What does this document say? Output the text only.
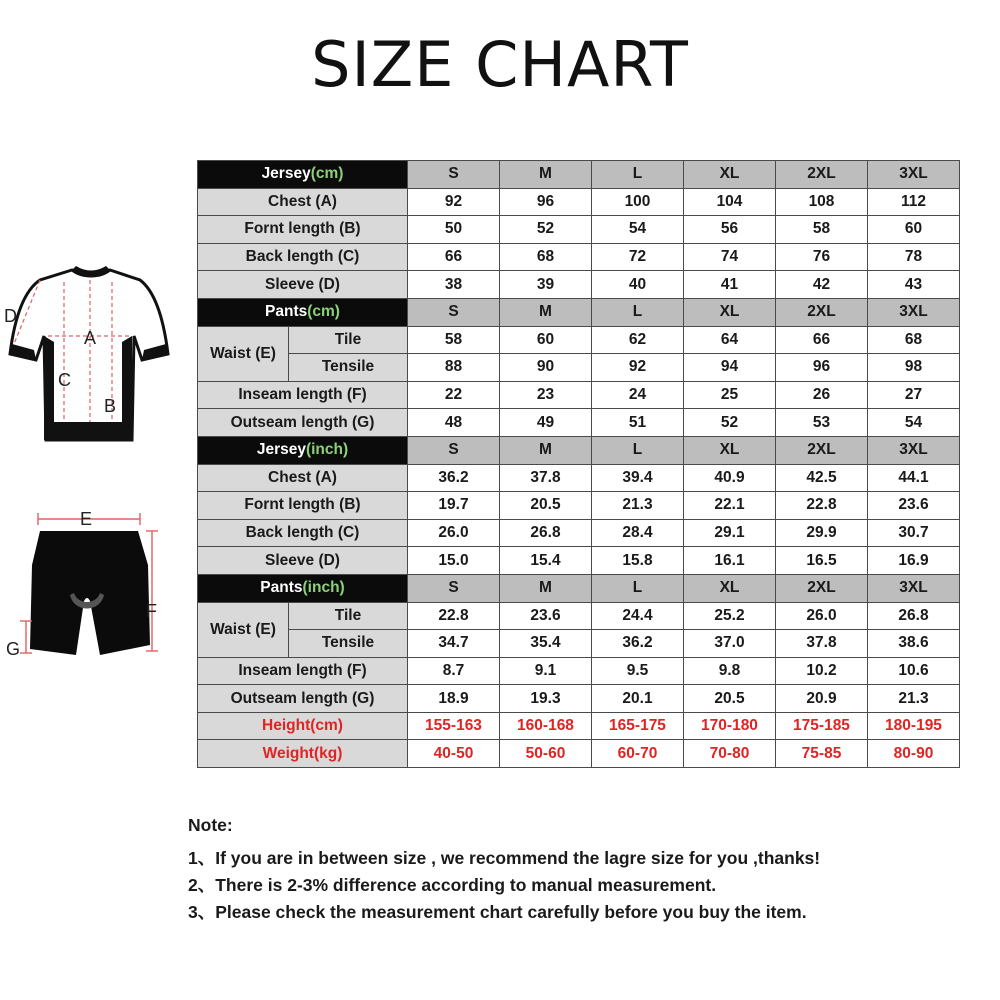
SIZE CHART
A
B
C
D
E
F
G
Jersey(cm)		S	M	L	XL	2XL	3XL
Chest (A)		92	96	100	104	108	112
Fornt length (B)		50	52	54	56	58	60
Back length (C)		66	68	72	74	76	78
Sleeve (D)		38	39	40	41	42	43
Pants(cm)		S	M	L	XL	2XL	3XL
Waist (E)	Tile	58	60	62	64	66	68
	Tensile	88	90	92	94	96	98
Inseam length (F)		22	23	24	25	26	27
Outseam length (G)		48	49	51	52	53	54
Jersey(inch)		S	M	L	XL	2XL	3XL
Chest (A)		36.2	37.8	39.4	40.9	42.5	44.1
Fornt length (B)		19.7	20.5	21.3	22.1	22.8	23.6
Back length (C)		26.0	26.8	28.4	29.1	29.9	30.7
Sleeve (D)		15.0	15.4	15.8	16.1	16.5	16.9
Pants(inch)		S	M	L	XL	2XL	3XL
Waist (E)	Tile	22.8	23.6	24.4	25.2	26.0	26.8
	Tensile	34.7	35.4	36.2	37.0	37.8	38.6
Inseam length (F)		8.7	9.1	9.5	9.8	10.2	10.6
Outseam length (G)		18.9	19.3	20.1	20.5	20.9	21.3
Height(cm)		155-163	160-168	165-175	170-180	175-185	180-195
Weight(kg)		40-50	50-60	60-70	70-80	75-85	80-90
Note:
1、If you are in between size , we recommend the lagre size for you ,thanks!
2、There is 2-3% difference according to manual measurement.
3、Please check the measurement chart carefully before you buy the item.
